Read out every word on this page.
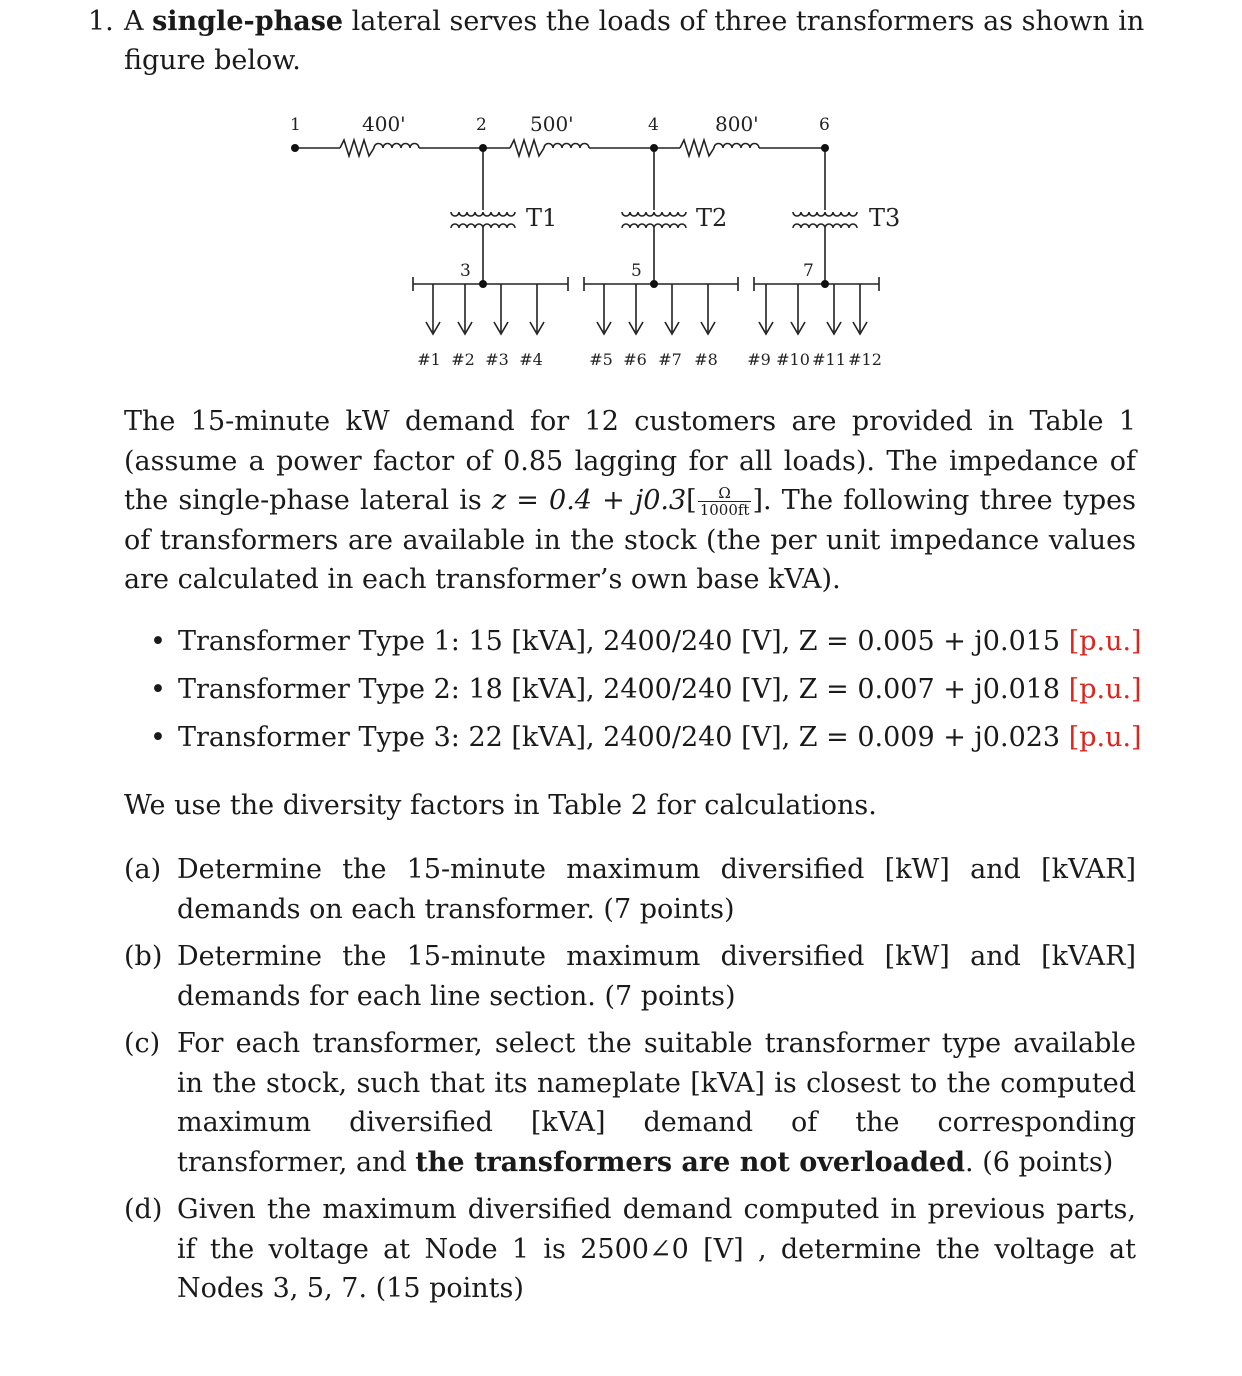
1. A single-phase lateral serves the loads of three transformers as shown in figure below.
1	2	4	6
3	5	7
400'	500'	800'
T1	T2	T3
#1 #2 #3 #4	#5 #6 #7 #8 #9 #10 #11 #12
The 15-minute kW demand for 12 customers are provided in Table 1 (assume a power factor of 0.85 lagging for all loads). The impedance of the single-phase lateral is $z = 0.4 + j0.3[ \frac{\Omega}{1000ft}$ ]. The following three types of transformers are available in the stock (the per unit impedance values are calculated in each transformer’s own base kVA).
• Transformer Type 1: 15 [kVA], 2400/240 [V], Z = 0.005 + j0.015 [p.u.]
• Transformer Type 2: 18 [kVA], 2400/240 [V], Z = 0.007 + j0.018 [p.u.]
• Transformer Type 3: 22 [kVA], 2400/240 [V], Z = 0.009 + j0.023 [p.u.]
We use the diversity factors in Table 2 for calculations.
(a) Determine the 15-minute maximum diversified [kW] and [kVAR] demands on each transformer. (7 points)
(b) Determine the 15-minute maximum diversified [kW] and [kVAR] demands for each line section. (7 points)
(c) For each transformer, select the suitable transformer type available in the stock, such that its nameplate [kVA] is closest to the computed maximum diversified [kVA] demand of the corresponding transformer, and the transformers are not overloaded. (6 points)
(d) Given the maximum diversified demand computed in previous parts, if the voltage at Node 1 is 2500∠0 [V] , determine the voltage at Nodes 3, 5, 7. (15 points)
